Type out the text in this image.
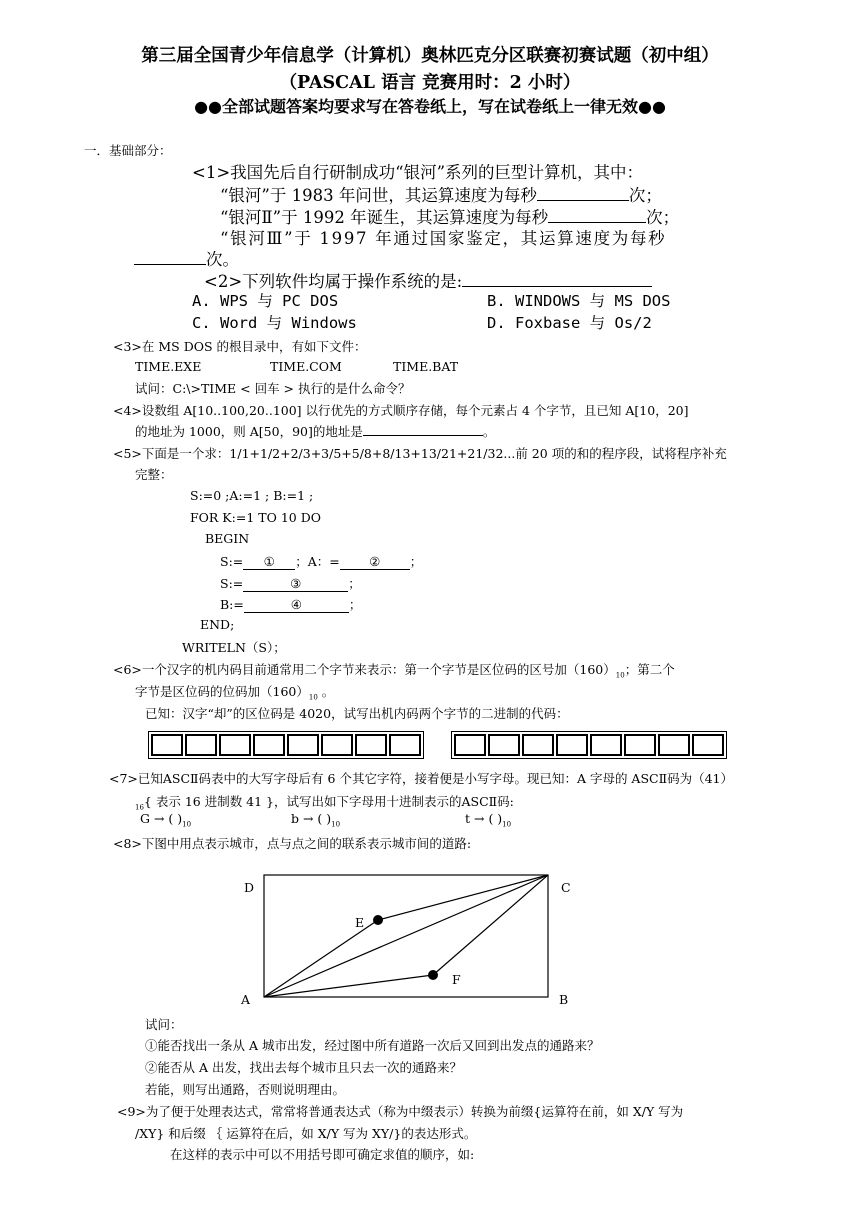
第三届全国青少年信息学（计算机）奥林匹克分区联赛初赛试题（初中组）
（PASCAL 语言 竞赛用时：2 小时）
●●全部试题答案均要求写在答卷纸上，写在试卷纸上一律无效●●
一．基础部分：
<1>我国先后自行研制成功“银河”系列的巨型计算机，其中：
“银河”于 1983 年问世，其运算速度为每秒	次；
“银河Ⅱ”于 1992 年诞生，其运算速度为每秒	次；
“银河Ⅲ”于 1997 年通过国家鉴定，其运算速度为每秒
次。
<2>下列软件均属于操作系统的是:
A. WPS 与 PC DOS	B. WINDOWS 与 MS DOS
C. Word 与 Windows	D. Foxbase 与 Os/2
<3>在 MS DOS 的根目录中，有如下文件：
TIME.EXE	TIME.COM	TIME.BAT
试问：C:\>TIME < 回车 > 执行的是什么命令？
<4>设数组 A[10..100,20..100] 以行优先的方式顺序存储，每个元素占 4 个字节，且已知 A[10，20]
的地址为 1000，则 A[50，90]的地址是	。
<5>下面是一个求：1/1+1/2+2/3+3/5+5/8+8/13+13/21+21/32...前 20 项的和的程序段，试将程序补充
完整：
S:=0 ;A:=1 ; B:=1 ;
FOR K:=1 TO 10 DO
BEGIN
S:= ① ；A：= ② ；
S:=	③	；
B:=	④	；
END;
WRITELN（S）；
<6>一个汉字的机内码目前通常用二个字节来表示：第一个字节是区位码的区号加$(160)_{10}$；第二个
字节是区位码的位码加$(160)_{10}$ 。
已知：汉字“却”的区位码是 4020，试写出机内码两个字节的二进制的代码：
<7>已知ASCⅡ码表中的大写字母后有 6 个其它字符，接着便是小写字母。现已知：A 字母的 ASCⅡ码为（41）
$_{16}${ 表示 16 进制数 41 }，试写出如下字母用十进制表示的ASCⅡ码:
G → ( )$_{10}$	b → ( )$_{10}$	t → ( )$_{10}$
<8>下图中用点表示城市，点与点之间的联系表示城市间的道路:
D	C
E
F
A	B
试问：
①能否找出一条从 A 城市出发，经过图中所有道路一次后又回到出发点的通路来？
②能否从 A 出发，找出去每个城市且只去一次的通路来？
若能，则写出通路，否则说明理由。
<9>为了便于处理表达式，常常将普通表达式（称为中缀表示）转换为前缀{运算符在前，如 X/Y 写为
/XY} 和后缀 ｛ 运算符在后，如 X/Y 写为 XY/}的表达形式。
在这样的表示中可以不用括号即可确定求值的顺序，如:
